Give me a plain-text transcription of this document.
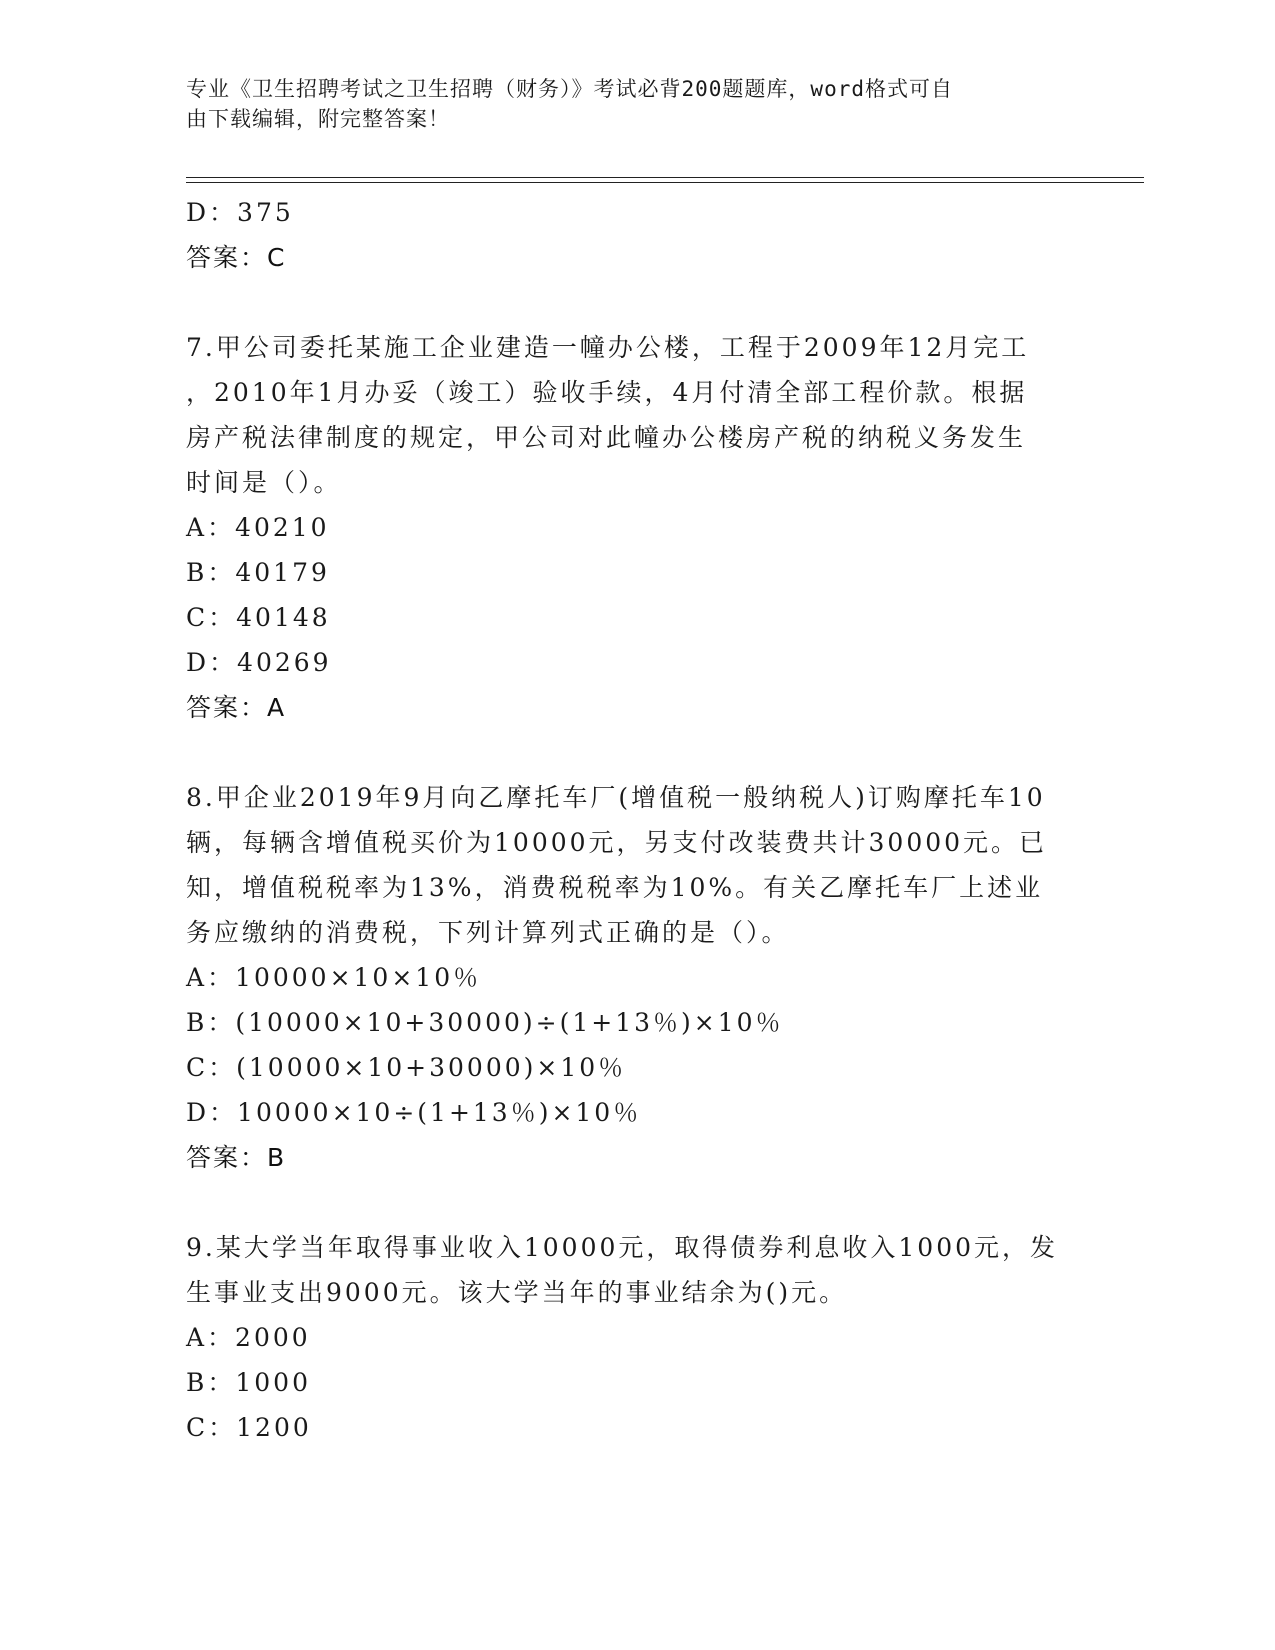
专业《卫生招聘考试之卫生招聘（财务）》考试必背200题题库，word格式可自
由下载编辑，附完整答案！
D：375
答案：C
7.甲公司委托某施工企业建造一幢办公楼，工程于2009年12月完工
，2010年1月办妥（竣工）验收手续，4月付清全部工程价款。根据
房产税法律制度的规定，甲公司对此幢办公楼房产税的纳税义务发生
时间是（）。
A：40210
B：40179
C：40148
D：40269
答案：A
8.甲企业2019年9月向乙摩托车厂(增值税一般纳税人)订购摩托车10
辆，每辆含增值税买价为10000元，另支付改装费共计30000元。已
知，增值税税率为13%，消费税税率为10%。有关乙摩托车厂上述业
务应缴纳的消费税，下列计算列式正确的是（）。
A：10000×10×10％
B：(10000×10+30000)÷(1+13％)×10％
C：(10000×10+30000)×10％
D：10000×10÷(1+13％)×10％
答案：B
9.某大学当年取得事业收入10000元，取得债券利息收入1000元，发
生事业支出9000元。该大学当年的事业结余为()元。
A：2000
B：1000
C：1200
